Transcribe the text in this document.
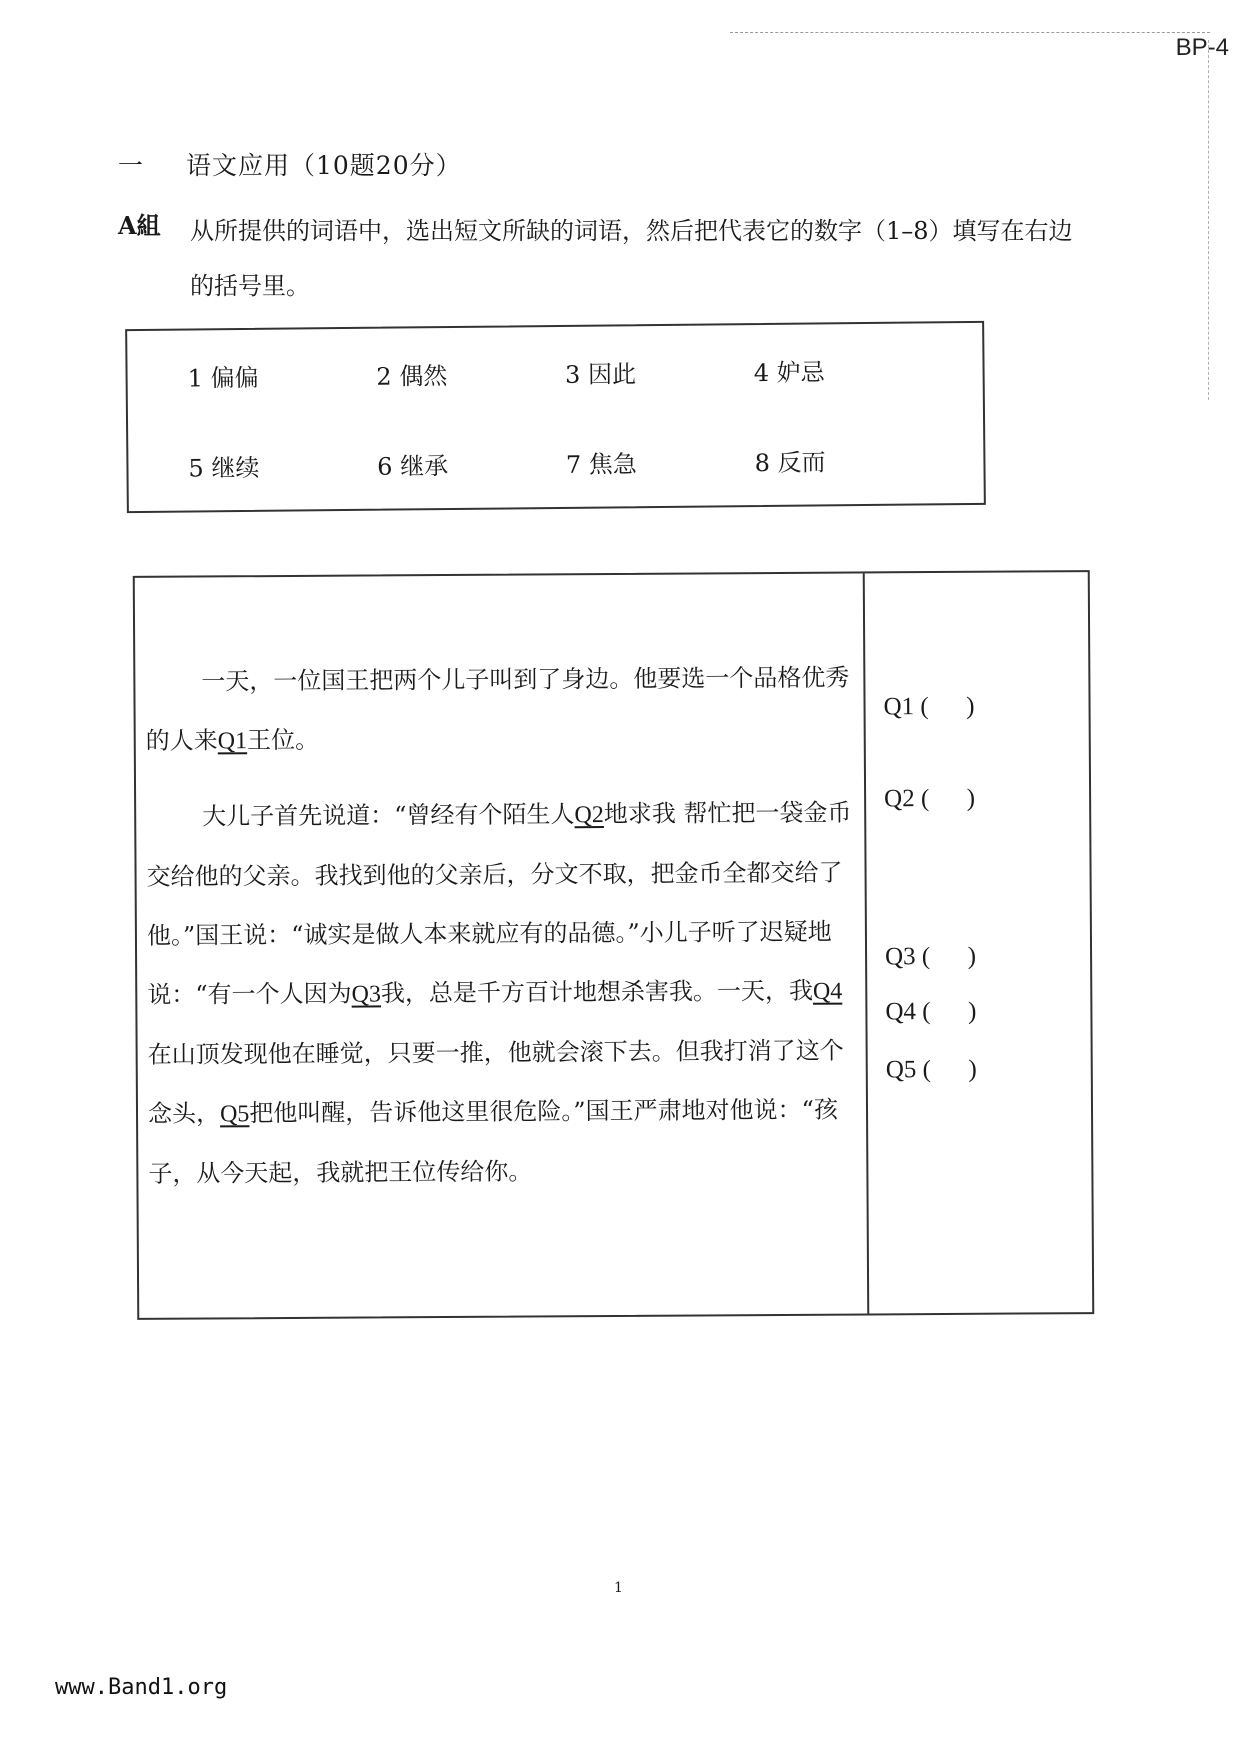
BP-4
一 语文应用（10题20分）
A組 从所提供的词语中，选出短文所缺的词语，然后把代表它的数字（1–8）填写在右边的括号里。
1 偏偏	2 偶然	3 因此	4 妒忌
5 继续	6 继承	7 焦急	8 反而

一天，一位国王把两个儿子叫到了身边。他要选一个品格优秀的人来Q1王位。

大儿子首先说道：“曾经有个陌生人Q2地求我 帮忙把一袋金币交给他的父亲。我找到他的父亲后，分文不取，把金币全都交给了他。”国王说：“诚实是做人本来就应有的品德。”小儿子听了迟疑地说：“有一个人因为Q3我，总是千方百计地想杀害我。一天，我Q4在山顶发现他在睡觉，只要一推，他就会滚下去。但我打消了这个念头，Q5把他叫醒，告诉他这里很危险。”国王严肃地对他说：“孩子，从今天起，我就把王位传给你。

Q1 (      )
Q2 (      )
Q3 (      )
Q4 (      )
Q5 (      )
1
www.Band1.org
